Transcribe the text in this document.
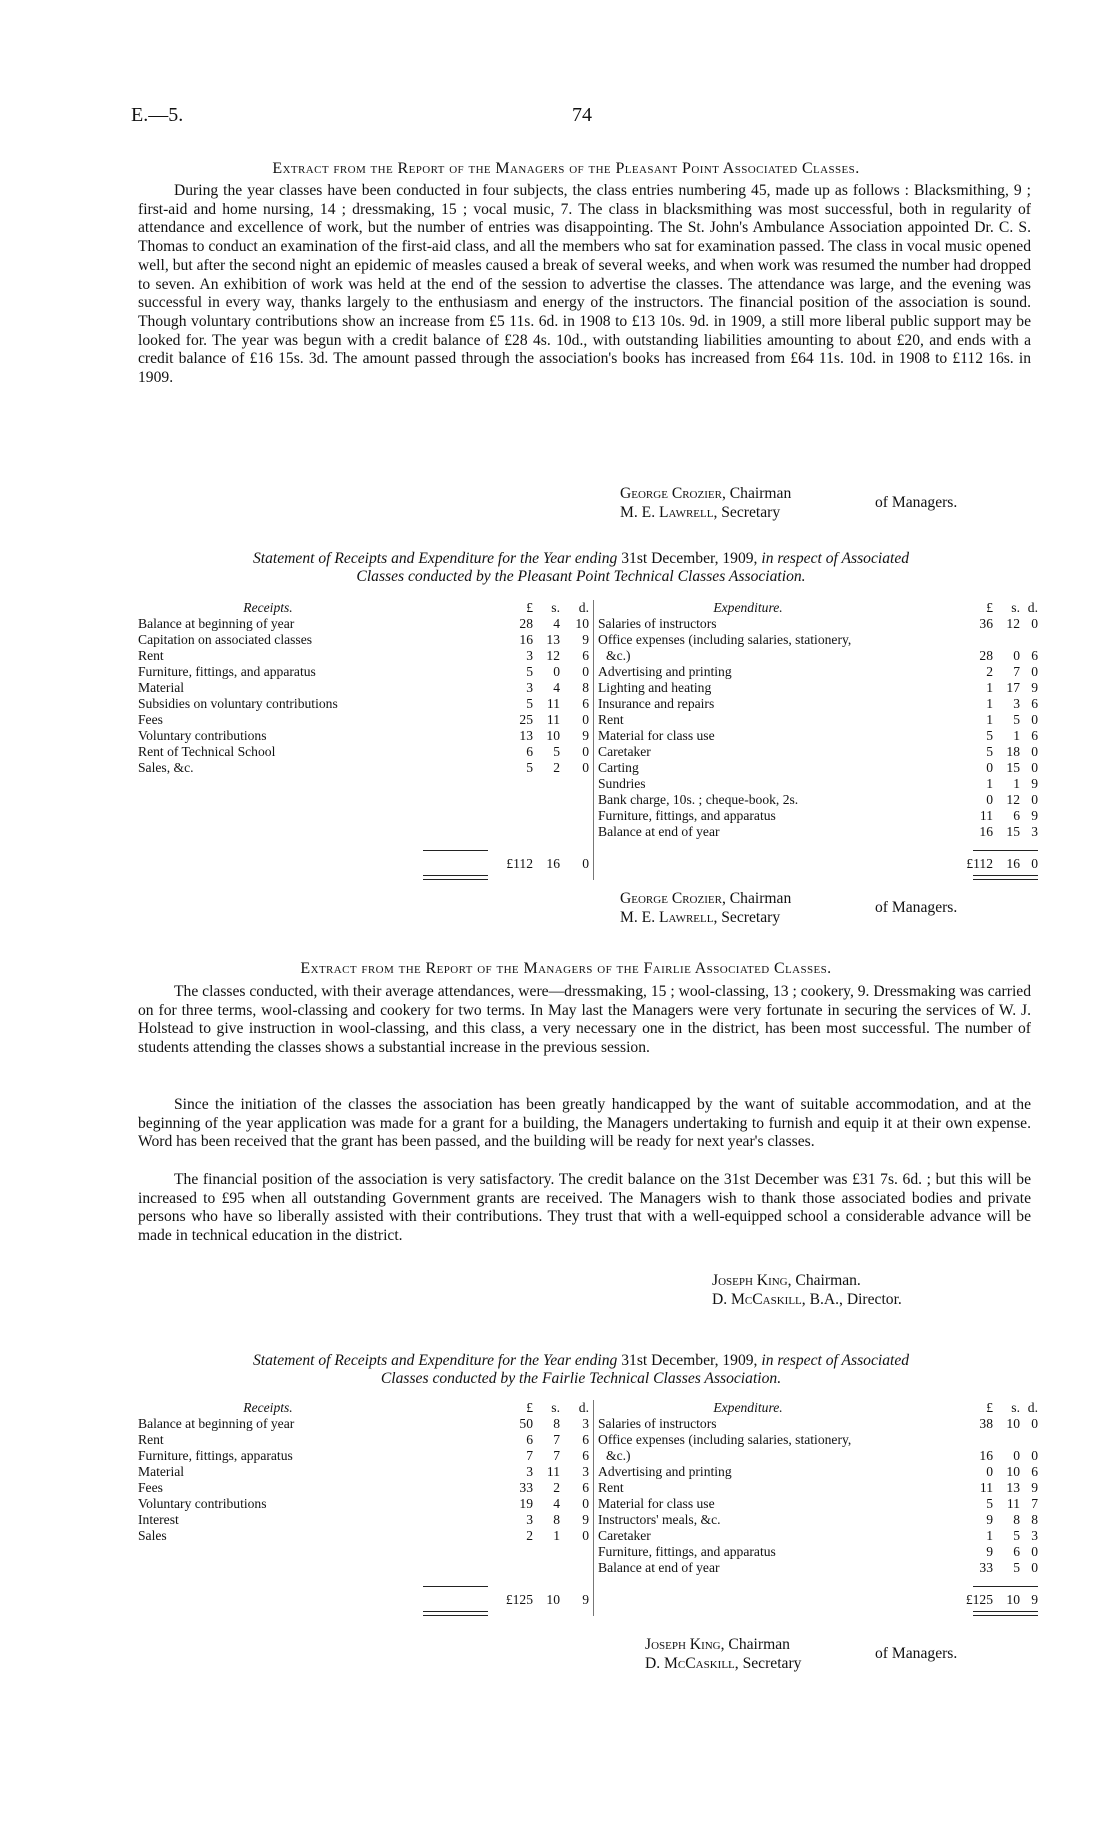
E.—5.	74
Extract from the Report of the Managers of the Pleasant Point Associated Classes.
During the year classes have been conducted in four subjects, the class entries numbering 45, made up as follows : Blacksmithing, 9 ; first-aid and home nursing, 14 ; dressmaking, 15 ; vocal music, 7. The class in blacksmithing was most successful, both in regularity of attendance and excellence of work, but the number of entries was disappointing. The St. John's Ambulance Association appointed Dr. C. S. Thomas to conduct an examination of the first-aid class, and all the members who sat for examination passed. The class in vocal music opened well, but after the second night an epidemic of measles caused a break of several weeks, and when work was resumed the number had dropped to seven. An exhibition of work was held at the end of the session to advertise the classes. The attendance was large, and the evening was successful in every way, thanks largely to the enthusiasm and energy of the instructors. The financial position of the association is sound. Though voluntary contributions show an increase from £5 11s. 6d. in 1908 to £13 10s. 9d. in 1909, a still more liberal public support may be looked for. The year was begun with a credit balance of £28 4s. 10d., with outstanding liabilities amounting to about £20, and ends with a credit balance of £16 15s. 3d. The amount passed through the association's books has increased from £64 11s. 10d. in 1908 to £112 16s. in 1909.
George Crozier, Chairman
M. E. Lawrell, Secretary
of Managers.
Statement of Receipts and Expenditure for the Year ending 31st December, 1909, in respect of Associated
Classes conducted by the Pleasant Point Technical Classes Association.
Receipts.	£ s. d.
Balance at beginning of year	28 4 10
Capitation on associated classes	16 13 9
Rent	3 12 6
Furniture, fittings, and apparatus	5 0 0
Material	3 4 8
Subsidies on voluntary contributions	5 11 6
Fees	25 11 0
Voluntary contributions	13 10 9
Rent of Technical School	6 5 0
Sales, &c.	5 2 0
£112 16 0
Expenditure.	£ s. d.
Salaries of instructors	36 12 0
Office expenses (including salaries, stationery,
&c.)	28 0 6
Advertising and printing	2 7 0
Lighting and heating	1 17 9
Insurance and repairs	1 3 6
Rent	1 5 0
Material for class use	5 1 6
Caretaker	5 18 0
Carting	0 15 0
Sundries	1 1 9
Bank charge, 10s. ; cheque-book, 2s.	0 12 0
Furniture, fittings, and apparatus	11 6 9
Balance at end of year	16 15 3
£112 16 0
George Crozier, Chairman
M. E. Lawrell, Secretary
of Managers.
Extract from the Report of the Managers of the Fairlie Associated Classes.
The classes conducted, with their average attendances, were—dressmaking, 15 ; wool-classing, 13 ; cookery, 9. Dressmaking was carried on for three terms, wool-classing and cookery for two terms. In May last the Managers were very fortunate in securing the services of W. J. Holstead to give instruction in wool-classing, and this class, a very necessary one in the district, has been most successful. The number of students attending the classes shows a substantial increase in the previous session.
Since the initiation of the classes the association has been greatly handicapped by the want of suitable accommodation, and at the beginning of the year application was made for a grant for a building, the Managers undertaking to furnish and equip it at their own expense. Word has been received that the grant has been passed, and the building will be ready for next year's classes.
The financial position of the association is very satisfactory. The credit balance on the 31st December was £31 7s. 6d. ; but this will be increased to £95 when all outstanding Government grants are received. The Managers wish to thank those associated bodies and private persons who have so liberally assisted with their contributions. They trust that with a well-equipped school a considerable advance will be made in technical education in the district.
Joseph King, Chairman.
D. McCaskill, B.A., Director.
Statement of Receipts and Expenditure for the Year ending 31st December, 1909, in respect of Associated
Classes conducted by the Fairlie Technical Classes Association.
Receipts.	£ s. d.
Balance at beginning of year	50 8 3
Rent	6 7 6
Furniture, fittings, apparatus	7 7 6
Material	3 11 3
Fees	33 2 6
Voluntary contributions	19 4 0
Interest	3 8 9
Sales	2 1 0
£125 10 9
Expenditure.	£ s. d.
Salaries of instructors	38 10 0
Office expenses (including salaries, stationery,
&c.)	16 0 0
Advertising and printing	0 10 6
Rent	11 13 9
Material for class use	5 11 7
Instructors' meals, &c.	9 8 8
Caretaker	1 5 3
Furniture, fittings, and apparatus	9 6 0
Balance at end of year	33 5 0
£125 10 9
Joseph King, Chairman
D. McCaskill, Secretary
of Managers.
